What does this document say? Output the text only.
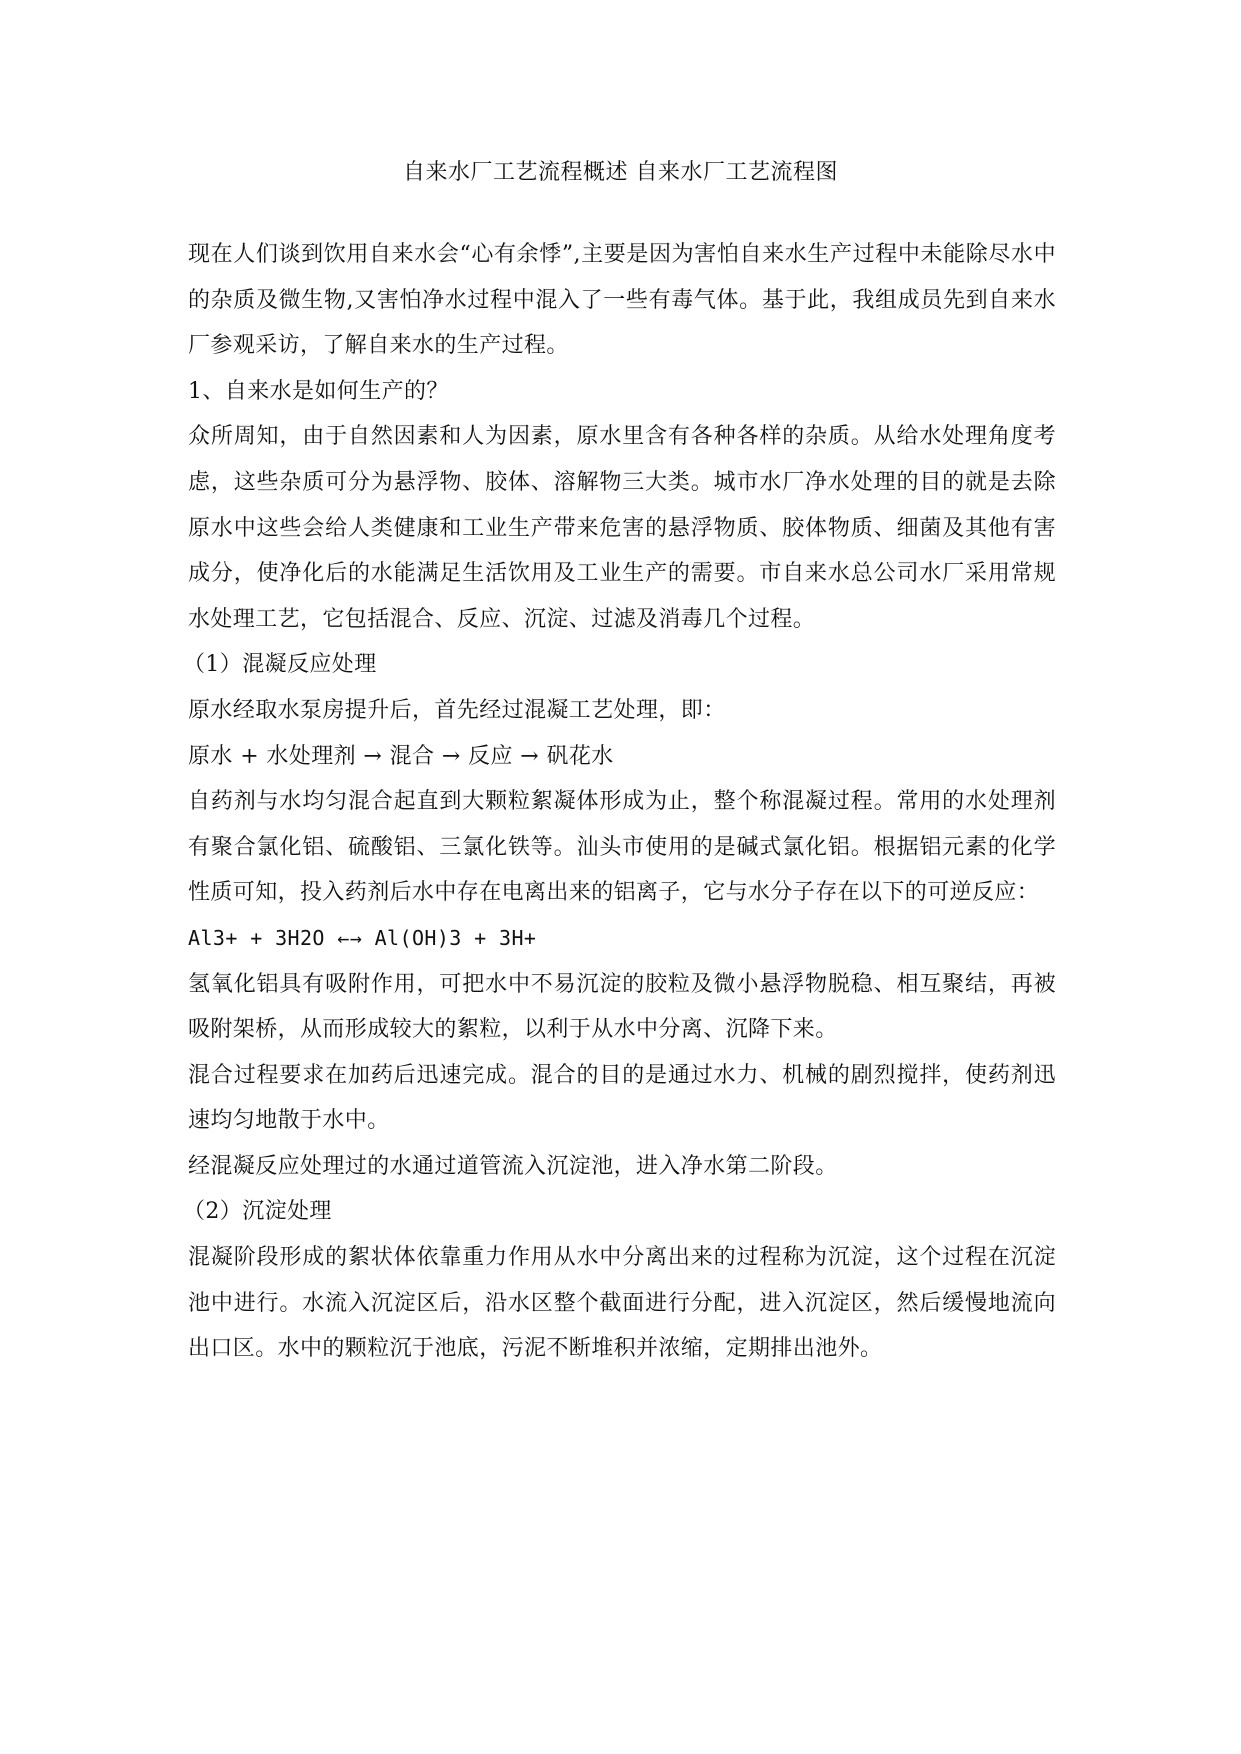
自来水厂工艺流程概述 自来水厂工艺流程图

现在人们谈到饮用自来水会“心有余悸”,主要是因为害怕自来水生产过程中未能除尽水中的杂质及微生物,又害怕净水过程中混入了一些有毒气体。基于此，我组成员先到自来水厂参观采访，了解自来水的生产过程。

1、自来水是如何生产的？

众所周知，由于自然因素和人为因素，原水里含有各种各样的杂质。从给水处理角度考虑，这些杂质可分为悬浮物、胶体、溶解物三大类。城市水厂净水处理的目的就是去除原水中这些会给人类健康和工业生产带来危害的悬浮物质、胶体物质、细菌及其他有害成分，使净化后的水能满足生活饮用及工业生产的需要。市自来水总公司水厂采用常规水处理工艺，它包括混合、反应、沉淀、过滤及消毒几个过程。

（1）混凝反应处理

原水经取水泵房提升后，首先经过混凝工艺处理，即：

原水 + 水处理剂 → 混合 → 反应 → 矾花水

自药剂与水均匀混合起直到大颗粒絮凝体形成为止，整个称混凝过程。常用的水处理剂有聚合氯化铝、硫酸铝、三氯化铁等。汕头市使用的是碱式氯化铝。根据铝元素的化学性质可知，投入药剂后水中存在电离出来的铝离子，它与水分子存在以下的可逆反应：

Al3+ + 3H2O ←→ Al(OH)3 + 3H+

氢氧化铝具有吸附作用，可把水中不易沉淀的胶粒及微小悬浮物脱稳、相互聚结，再被吸附架桥，从而形成较大的絮粒，以利于从水中分离、沉降下来。

混合过程要求在加药后迅速完成。混合的目的是通过水力、机械的剧烈搅拌，使药剂迅速均匀地散于水中。

经混凝反应处理过的水通过道管流入沉淀池，进入净水第二阶段。

（2）沉淀处理

混凝阶段形成的絮状体依靠重力作用从水中分离出来的过程称为沉淀，这个过程在沉淀池中进行。水流入沉淀区后，沿水区整个截面进行分配，进入沉淀区，然后缓慢地流向出口区。水中的颗粒沉于池底，污泥不断堆积并浓缩，定期排出池外。
